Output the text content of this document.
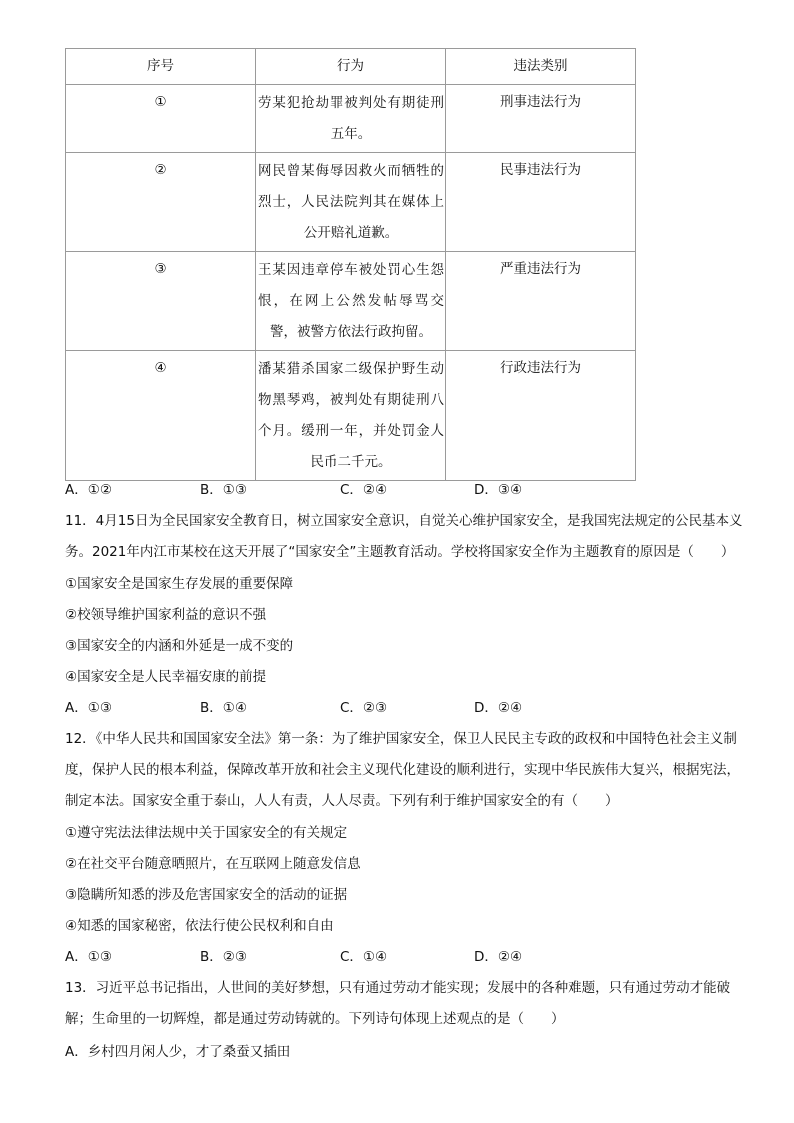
序号	行为	违法类别
①	劳某犯抢劫罪被判处有期徒刑五年。	刑事违法行为
②	网民曾某侮辱因救火而牺牲的烈士，人民法院判其在媒体上公开赔礼道歉。	民事违法行为
③	王某因违章停车被处罚心生怨恨，在网上公然发帖辱骂交警，被警方依法行政拘留。	严重违法行为
④	潘某猎杀国家二级保护野生动物黑琴鸡，被判处有期徒刑八个月。缓刑一年，并处罚金人民币二千元。	行政违法行为
A．①②	B．①③	C．②④	D．③④
11．4月15日为全民国家安全教育日，树立国家安全意识，自觉关心维护国家安全，是我国宪法规定的公民基本义务。2021年内江市某校在这天开展了“国家安全”主题教育活动。学校将国家安全作为主题教育的原因是（　　）
①国家安全是国家生存发展的重要保障
②校领导维护国家利益的意识不强
③国家安全的内涵和外延是一成不变的
④国家安全是人民幸福安康的前提
A．①③	B．①④	C．②③	D．②④
12．《中华人民共和国国家安全法》第一条：为了维护国家安全，保卫人民民主专政的政权和中国特色社会主义制度，保护人民的根本利益，保障改革开放和社会主义现代化建设的顺利进行，实现中华民族伟大复兴，根据宪法，制定本法。国家安全重于泰山，人人有责，人人尽责。下列有利于维护国家安全的有（　　）
①遵守宪法法律法规中关于国家安全的有关规定
②在社交平台随意晒照片，在互联网上随意发信息
③隐瞒所知悉的涉及危害国家安全的活动的证据
④知悉的国家秘密，依法行使公民权利和自由
A．①③	B．②③	C．①④	D．②④
13．习近平总书记指出，人世间的美好梦想，只有通过劳动才能实现；发展中的各种难题，只有通过劳动才能破解；生命里的一切辉煌，都是通过劳动铸就的。下列诗句体现上述观点的是（　　）
A．乡村四月闲人少，才了桑蚕又插田
